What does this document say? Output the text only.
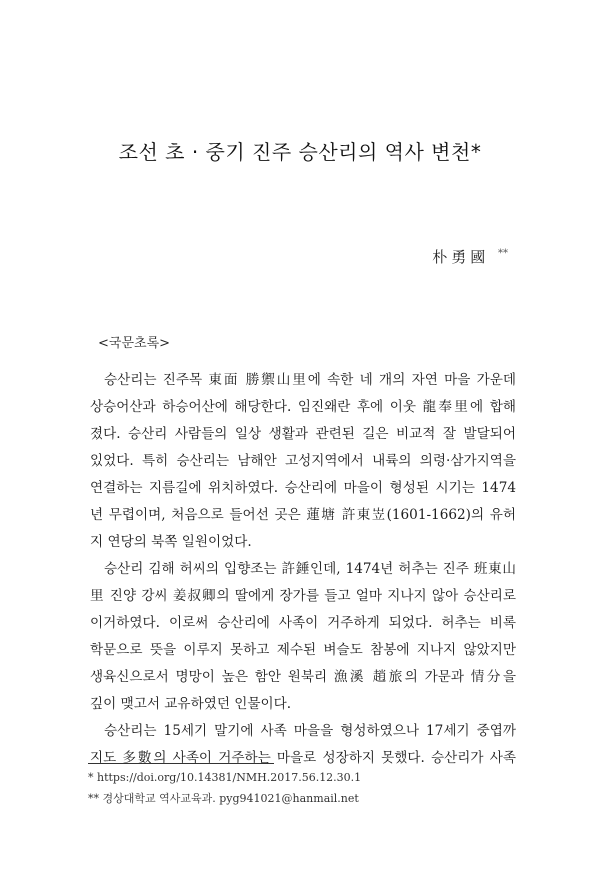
조선 초 · 중기 진주 승산리의 역사 변천*
朴勇國 **
<국문초록>
승산리는 진주목 東面 勝禦山里에 속한 네 개의 자연 마을 가운데
상승어산과 하승어산에 해당한다. 임진왜란 후에 이웃 龍奉里에 합해
졌다. 승산리 사람들의 일상 생활과 관련된 길은 비교적 잘 발달되어
있었다. 특히 승산리는 남해안 고성지역에서 내륙의 의령·삼가지역을
연결하는 지름길에 위치하였다. 승산리에 마을이 형성된 시기는 1474
년 무렵이며, 처음으로 들어선 곳은 蓮塘 許東岦(1601-1662)의 유허
지 연당의 북쪽 일원이었다.
승산리 김해 허씨의 입향조는 許錘인데, 1474년 허추는 진주 班東山
里 진양 강씨 姜叔卿의 딸에게 장가를 들고 얼마 지나지 않아 승산리로
이거하였다. 이로써 승산리에 사족이 거주하게 되었다. 허추는 비록
학문으로 뜻을 이루지 못하고 제수된 벼슬도 참봉에 지나지 않았지만
생육신으로서 명망이 높은 함안 원북리 漁溪 趙旅의 가문과 情分을
깊이 맺고서 교유하였던 인물이다.
승산리는 15세기 말기에 사족 마을을 형성하였으나 17세기 중엽까
지도 多數의 사족이 거주하는 마을로 성장하지 못했다. 승산리가 사족
* https://doi.org/10.14381/NMH.2017.56.12.30.1
** 경상대학교 역사교육과. pyg941021@hanmail.net
